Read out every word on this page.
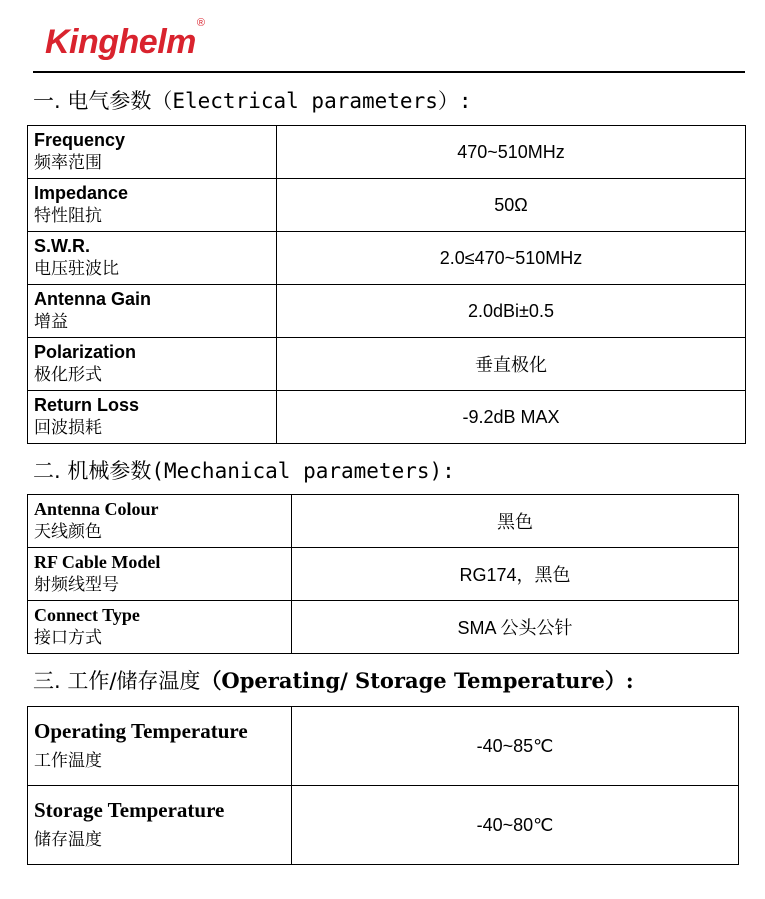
Kinghelm®
一. 电气参数（Electrical parameters）:
Frequency
频率范围	470~510MHz

Impedance
特性阻抗	50Ω

S.W.R.
电压驻波比	2.0≤470~510MHz

Antenna Gain
增益	2.0dBi±0.5

Polarization
极化形式	垂直极化

Return Loss
回波损耗	-9.2dB MAX
二. 机械参数(Mechanical parameters):
Antenna Colour
天线颜色	黑色

RF Cable Model
射频线型号	RG174，黑色

Connect Type
接口方式	SMA 公头公针
三. 工作/储存温度（Operating/ Storage Temperature）:
Operating Temperature
工作温度	-40~85℃

Storage Temperature
储存温度	-40~80℃
